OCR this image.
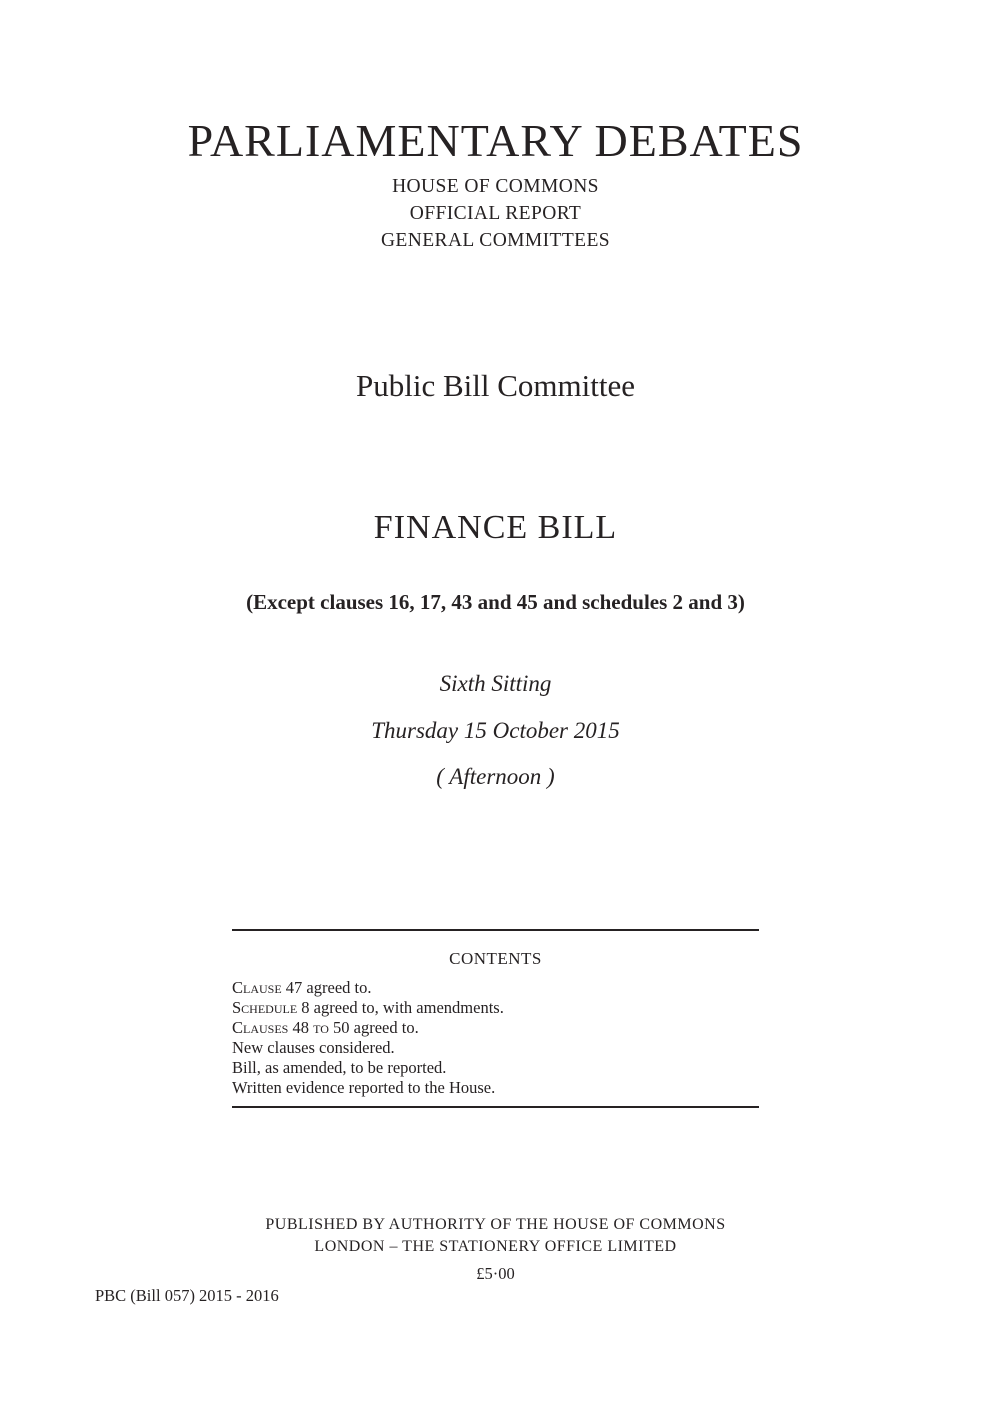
PARLIAMENTARY DEBATES
HOUSE OF COMMONS
OFFICIAL REPORT
GENERAL COMMITTEES
Public Bill Committee
FINANCE BILL
(Except clauses 16, 17, 43 and 45 and schedules 2 and 3)
Sixth Sitting
Thursday 15 October 2015
( Afternoon )
CONTENTS
Clause 47 agreed to.
Schedule 8 agreed to, with amendments.
Clauses 48 to 50 agreed to.
New clauses considered.
Bill, as amended, to be reported.
Written evidence reported to the House.
PUBLISHED BY AUTHORITY OF THE HOUSE OF COMMONS
LONDON – THE STATIONERY OFFICE LIMITED
£5·00
PBC (Bill 057) 2015 - 2016
